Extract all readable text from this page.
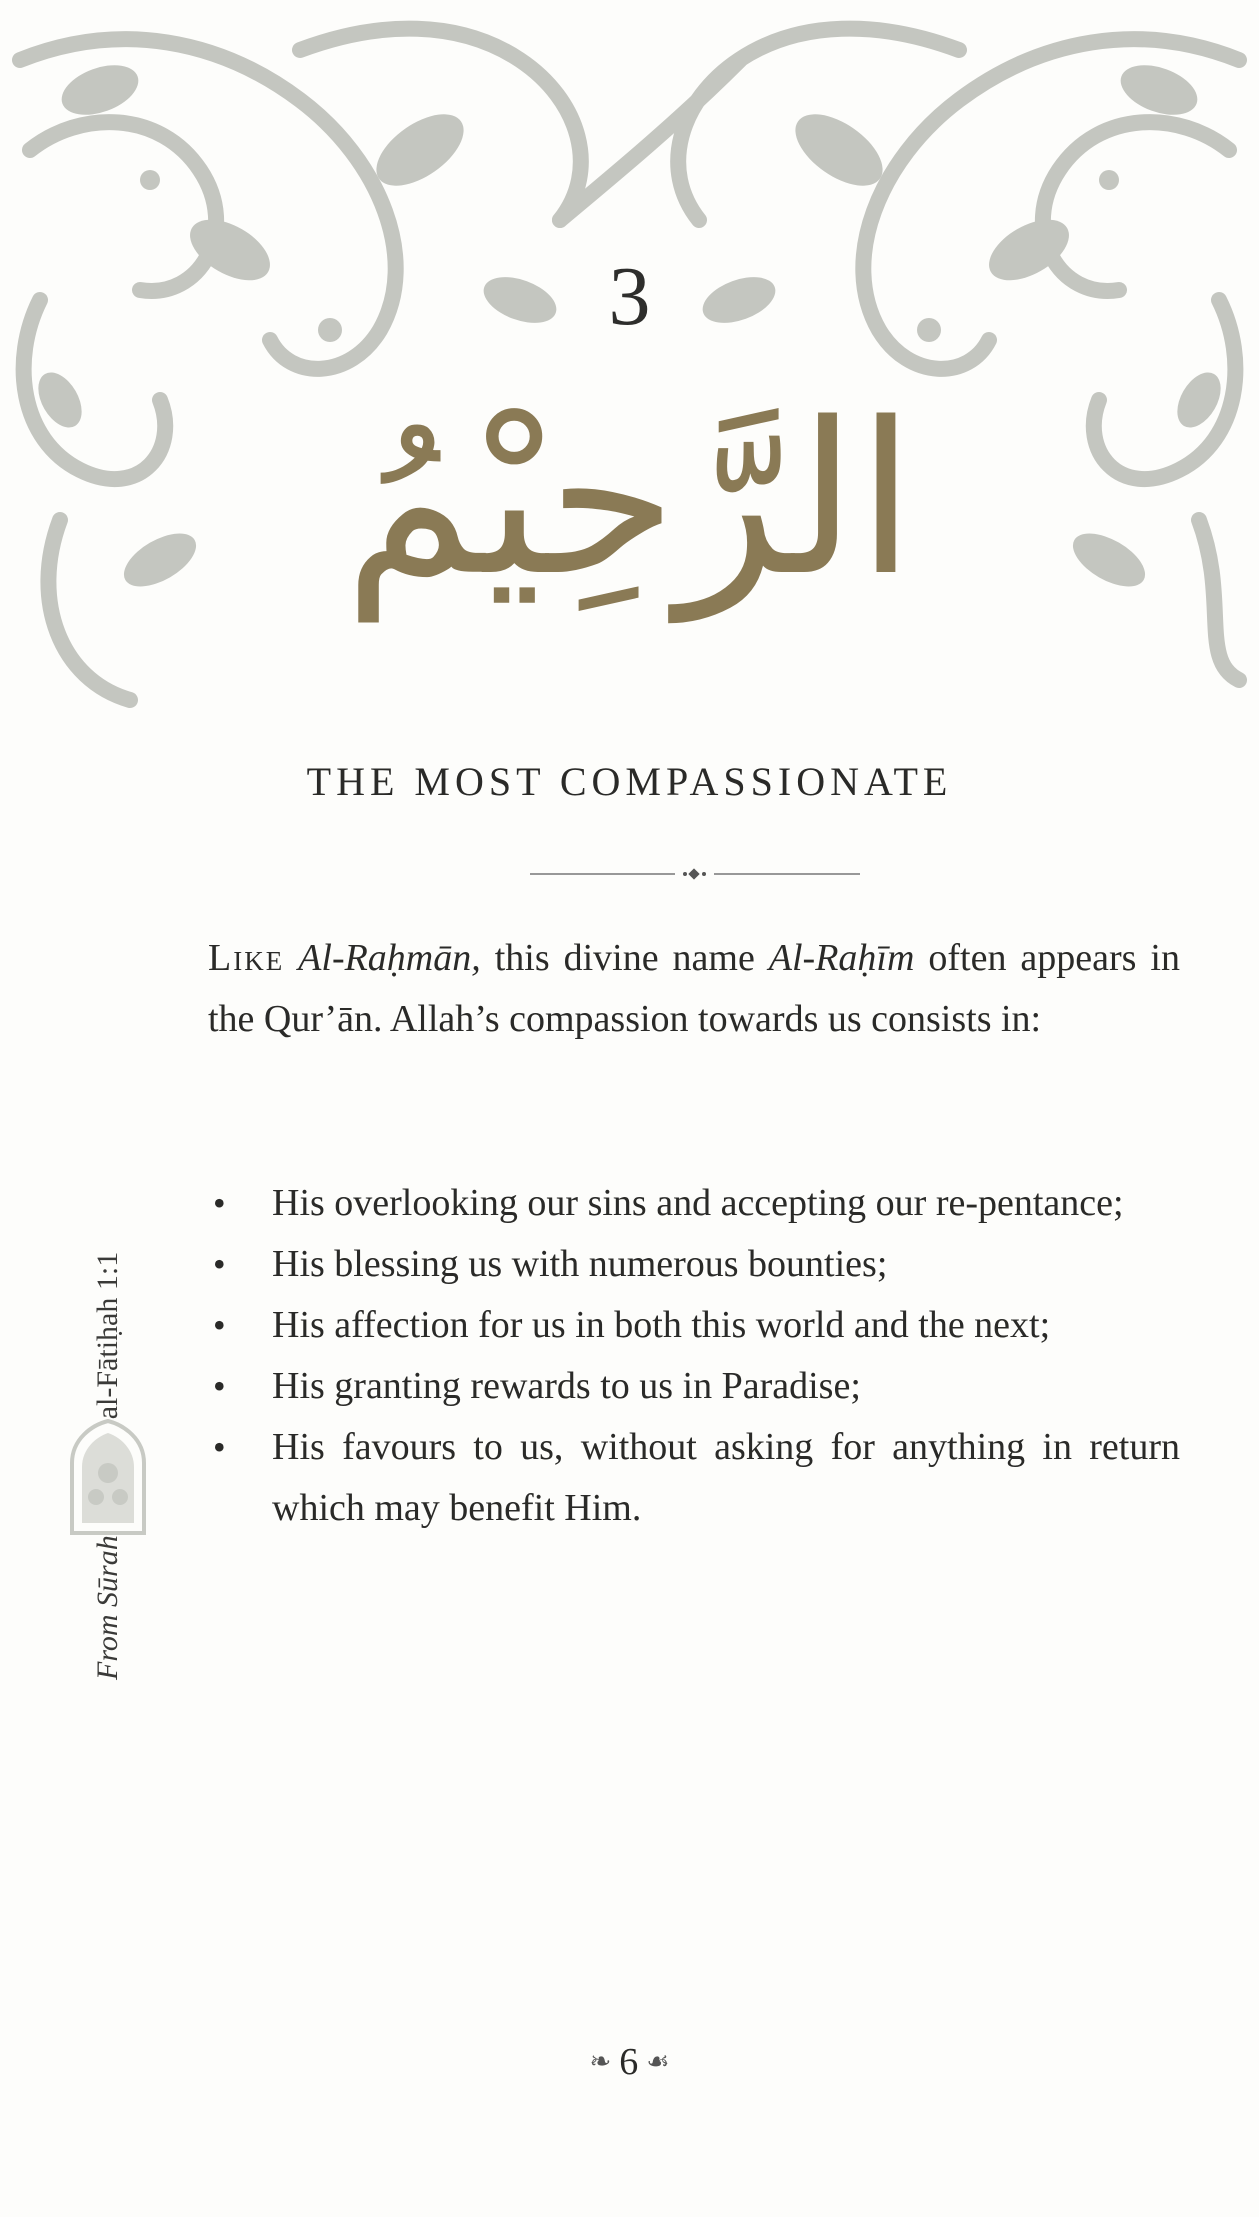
3
الرَّحِيْمُ
THE MOST COMPASSIONATE
From Sūrah
al-Fātiḥah 1:1

Like Al-Raḥmān, this divine name Al-Raḥīm often appears in the Qur’ān. Allah’s compassion towards us consists in:

• His overlooking our sins and accepting our re-pentance;
• His blessing us with numerous bounties;
• His affection for us in both this world and the next;
• His granting rewards to us in Paradise;
• His favours to us, without asking for anything in return which may benefit Him.
❧ 6 ☙
